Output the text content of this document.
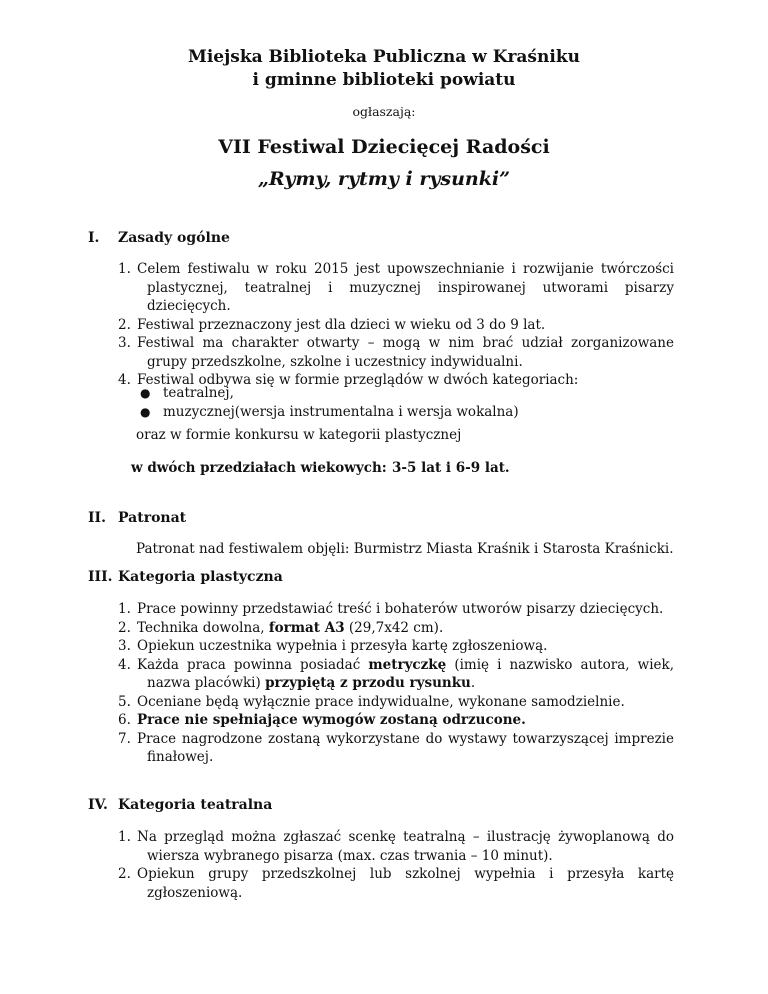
Miejska Biblioteka Publiczna w Kraśniku
i gminne biblioteki powiatu
ogłaszają:
VII Festiwal Dziecięcej Radości
„Rymy, rytmy i rysunki”
I. Zasady ogólne
1. Celem festiwalu w roku 2015 jest upowszechnianie i rozwijanie twórczości plastycznej, teatralnej i muzycznej inspirowanej utworami pisarzy dziecięcych.
2. Festiwal przeznaczony jest dla dzieci w wieku od 3 do 9 lat.
3. Festiwal ma charakter otwarty – mogą w nim brać udział zorganizowane grupy przedszkolne, szkolne i uczestnicy indywidualni.
4. Festiwal odbywa się w formie przeglądów w dwóch kategoriach:
● teatralnej,
● muzycznej(wersja instrumentalna i wersja wokalna)
oraz w formie konkursu w kategorii plastycznej
w dwóch przedziałach wiekowych: 3-5 lat i 6-9 lat.
II. Patronat
Patronat nad festiwalem objęli: Burmistrz Miasta Kraśnik i Starosta Kraśnicki.
III. Kategoria plastyczna
1. Prace powinny przedstawiać treść i bohaterów utworów pisarzy dziecięcych.
2. Technika dowolna, format A3 (29,7x42 cm).
3. Opiekun uczestnika wypełnia i przesyła kartę zgłoszeniową.
4. Każda praca powinna posiadać metryczkę (imię i nazwisko autora, wiek, nazwa placówki) przypiętą z przodu rysunku.
5. Oceniane będą wyłącznie prace indywidualne, wykonane samodzielnie.
6. Prace nie spełniające wymogów zostaną odrzucone.
7. Prace nagrodzone zostaną wykorzystane do wystawy towarzyszącej imprezie finałowej.
IV. Kategoria teatralna
1. Na przegląd można zgłaszać scenkę teatralną – ilustrację żywoplanową do wiersza wybranego pisarza (max. czas trwania – 10 minut).
2. Opiekun grupy przedszkolnej lub szkolnej wypełnia i przesyła kartę zgłoszeniową.
